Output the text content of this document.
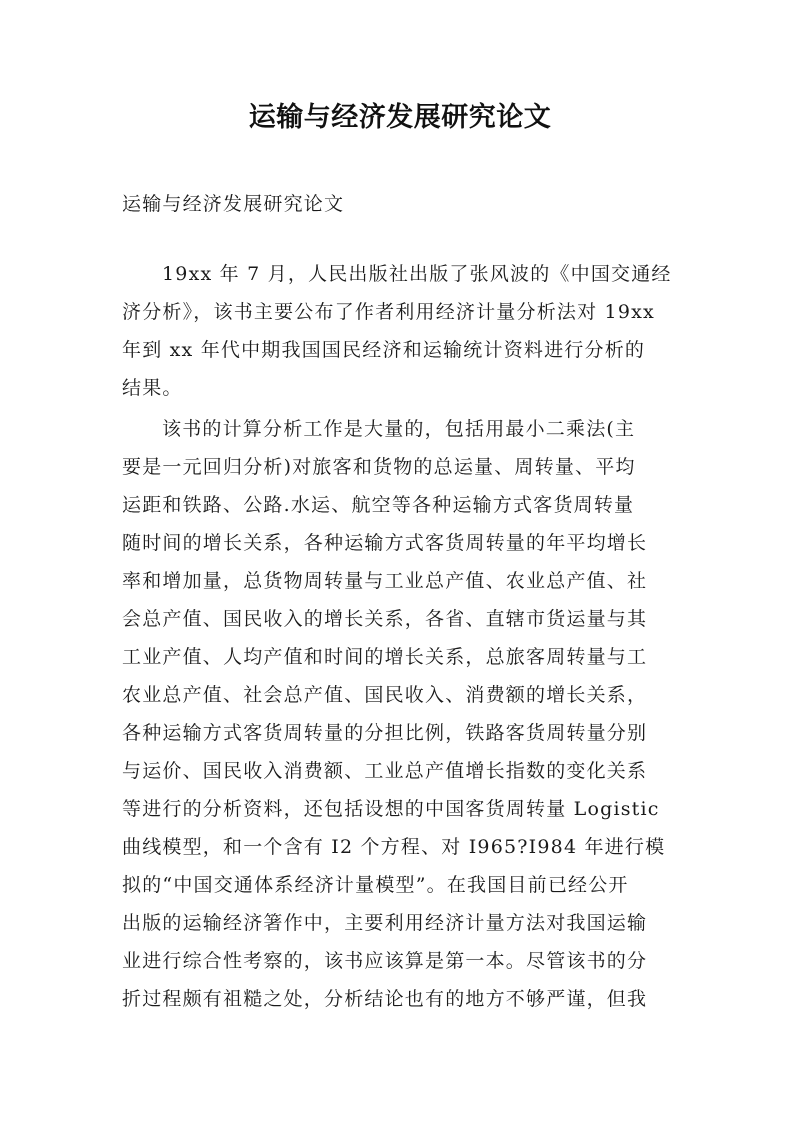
运输与经济发展研究论文
运输与经济发展研究论文
19xx 年 7 月，人民出版社出版了张风波的《中国交通经
济分析》，该书主要公布了作者利用经济计量分析法对 19xx
年到 xx 年代中期我国国民经济和运输统计资料进行分析的
结果。
该书的计算分析工作是大量的，包括用最小二乘法(主
要是一元回归分析)对旅客和货物的总运量、周转量、平均
运距和铁路、公路.水运、航空等各种运输方式客货周转量
随时间的增长关系，各种运输方式客货周转量的年平均增长
率和增加量，总货物周转量与工业总产值、农业总产值、社
会总产值、国民收入的增长关系，各省、直辖市货运量与其
工业产值、人均产值和时间的增长关系，总旅客周转量与工
农业总产值、社会总产值、国民收入、消费额的增长关系，
各种运输方式客货周转量的分担比例，铁路客货周转量分别
与运价、国民收入消费额、工业总产值增长指数的变化关系
等进行的分析资料，还包括设想的中国客货周转量 Logistic
曲线模型，和一个含有 I2 个方程、对 I965?I984 年进行模
拟的“中国交通体系经济计量模型”。在我国目前已经公开
出版的运输经济箸作中，主要利用经济计量方法对我国运输
业进行综合性考察的，该书应该算是第一本。尽管该书的分
折过程颇有祖糙之处，分析结论也有的地方不够严谨，但我
